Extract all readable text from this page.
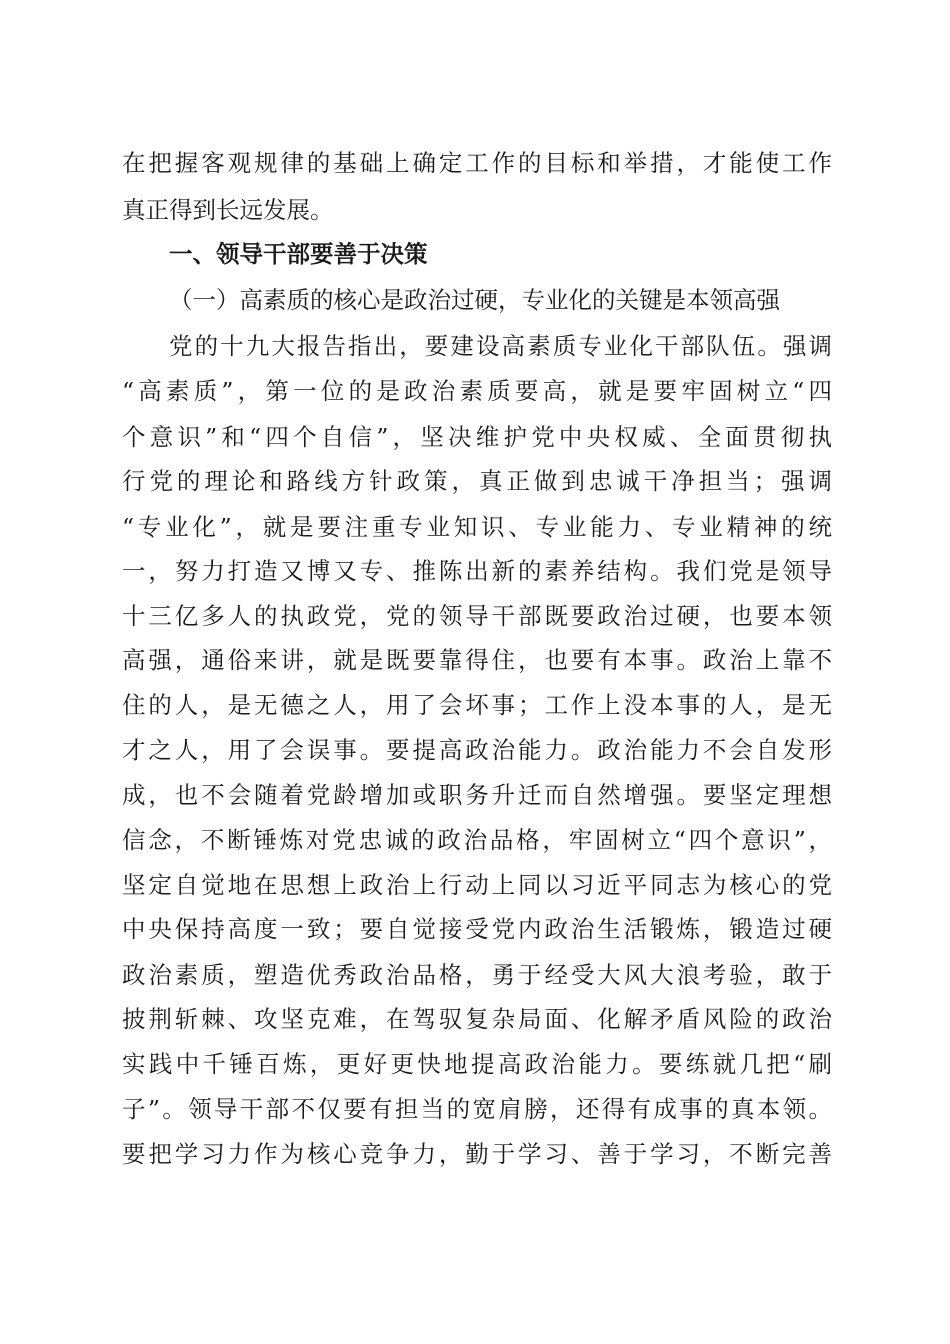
在把握客观规律的基础上确定工作的目标和举措，才能使工作
真正得到长远发展。
一、领导干部要善于决策
（一）高素质的核心是政治过硬，专业化的关键是本领高强
党的十九大报告指出，要建设高素质专业化干部队伍。强调
“高素质”，第一位的是政治素质要高，就是要牢固树立“四
个意识”和“四个自信”，坚决维护党中央权威、全面贯彻执
行党的理论和路线方针政策，真正做到忠诚干净担当；强调
“专业化”，就是要注重专业知识、专业能力、专业精神的统
一，努力打造又博又专、推陈出新的素养结构。我们党是领导
十三亿多人的执政党，党的领导干部既要政治过硬，也要本领
高强，通俗来讲，就是既要靠得住，也要有本事。政治上靠不
住的人，是无德之人，用了会坏事；工作上没本事的人，是无
才之人，用了会误事。要提高政治能力。政治能力不会自发形
成，也不会随着党龄增加或职务升迁而自然增强。要坚定理想
信念，不断锤炼对党忠诚的政治品格，牢固树立“四个意识”，
坚定自觉地在思想上政治上行动上同以习近平同志为核心的党
中央保持高度一致；要自觉接受党内政治生活锻炼，锻造过硬
政治素质，塑造优秀政治品格，勇于经受大风大浪考验，敢于
披荆斩棘、攻坚克难，在驾驭复杂局面、化解矛盾风险的政治
实践中千锤百炼，更好更快地提高政治能力。要练就几把“刷
子”。领导干部不仅要有担当的宽肩膀，还得有成事的真本领。
要把学习力作为核心竞争力，勤于学习、善于学习，不断完善
